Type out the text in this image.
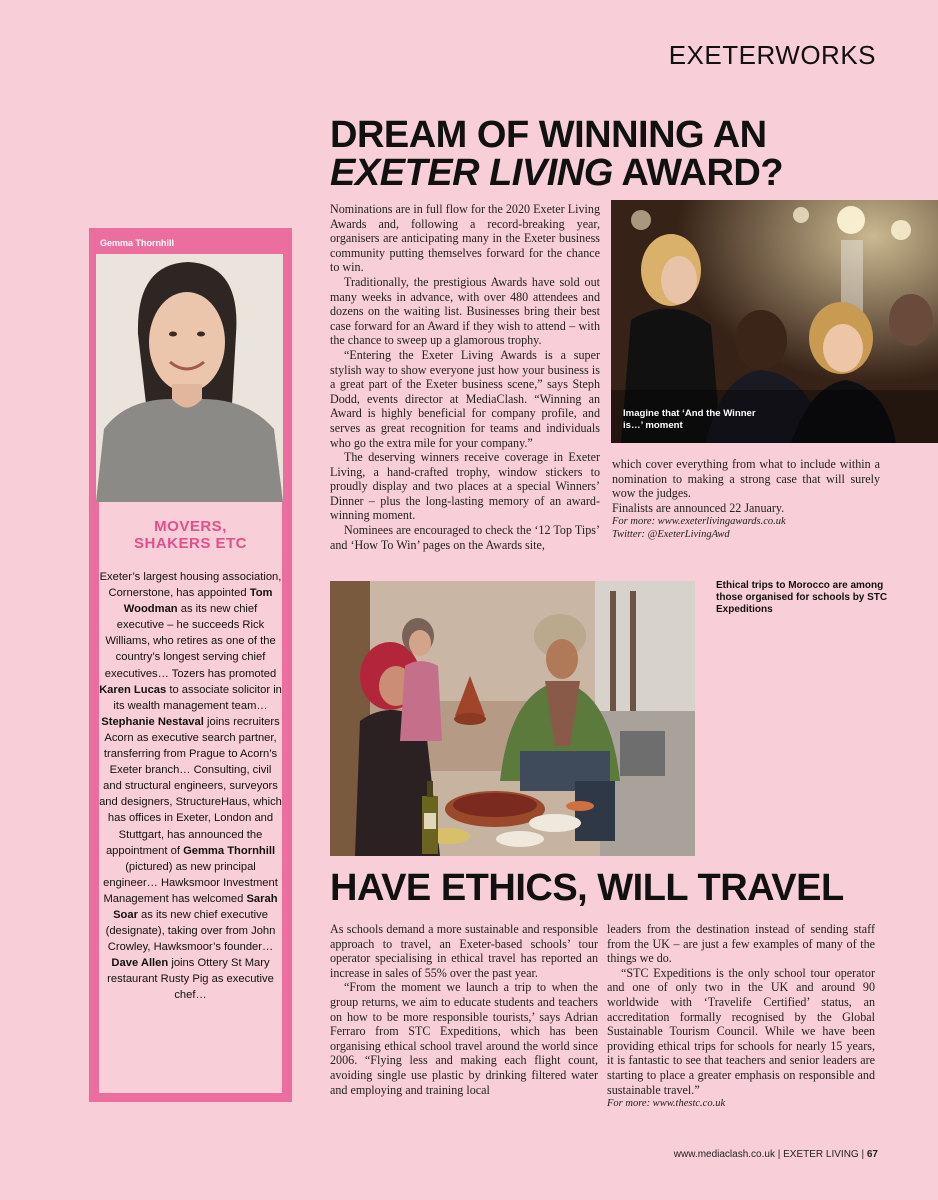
EXETERWORKS
DREAM OF WINNING AN
EXETER LIVING AWARD?

Nominations are in full flow for the 2020 Exeter Living Awards and, following a record-breaking year, organisers are anticipating many in the Exeter business community putting themselves forward for the chance to win.

Traditionally, the prestigious Awards have sold out many weeks in advance, with over 480 attendees and dozens on the waiting list. Businesses bring their best case forward for an Award if they wish to attend – with the chance to sweep up a glamorous trophy.

“Entering the Exeter Living Awards is a super stylish way to show everyone just how your business is a great part of the Exeter business scene,” says Steph Dodd, events director at MediaClash. “Winning an Award is highly beneficial for company profile, and serves as great recognition for teams and individuals who go the extra mile for your company.”

The deserving winners receive coverage in Exeter Living, a hand-crafted trophy, window stickers to proudly display and two places at a special Winners’ Dinner – plus the long-lasting memory of an award-winning moment.

Nominees are encouraged to check the ‘12 Top Tips’ and ‘How To Win’ pages on the Awards site,

Imagine that ‘And the Winner is…’ moment

which cover everything from what to include within a nomination to making a strong case that will surely wow the judges.

Finalists are announced 22 January.

For more: www.exeterlivingawards.co.uk
Twitter: @ExeterLivingAwd
Gemma Thornhill
MOVERS,
SHAKERS ETC
Exeter’s largest housing association, Cornerstone, has appointed Tom Woodman as its new chief executive – he succeeds Rick Williams, who retires as one of the country’s longest serving chief executives… Tozers has promoted Karen Lucas to associate solicitor in its wealth management team… Stephanie Nestaval joins recruiters Acorn as executive search partner, transferring from Prague to Acorn’s Exeter branch… Consulting, civil and structural engineers, surveyors and designers, StructureHaus, which has offices in Exeter, London and Stuttgart, has announced the appointment of Gemma Thornhill (pictured) as new principal engineer… Hawksmoor Investment Management has welcomed Sarah Soar as its new chief executive (designate), taking over from John Crowley, Hawksmoor’s founder… Dave Allen joins Ottery St Mary restaurant Rusty Pig as executive chef…
Ethical trips to Morocco are among those organised for schools by STC Expeditions
HAVE ETHICS, WILL TRAVEL

As schools demand a more sustainable and responsible approach to travel, an Exeter-based schools’ tour operator specialising in ethical travel has reported an increase in sales of 55% over the past year.

“From the moment we launch a trip to when the group returns, we aim to educate students and teachers on how to be more responsible tourists,’ says Adrian Ferraro from STC Expeditions, which has been organising ethical school travel around the world since 2006. “Flying less and making each flight count, avoiding single use plastic by drinking filtered water and employing and training local

leaders from the destination instead of sending staff from the UK – are just a few examples of many of the things we do.

“STC Expeditions is the only school tour operator and one of only two in the UK and around 90 worldwide with ‘Travelife Certified’ status, an accreditation formally recognised by the Global Sustainable Tourism Council. While we have been providing ethical trips for schools for nearly 15 years, it is fantastic to see that teachers and senior leaders are starting to place a greater emphasis on responsible and sustainable travel.”

For more: www.thestc.co.uk
www.mediaclash.co.uk | EXETER LIVING | 67
